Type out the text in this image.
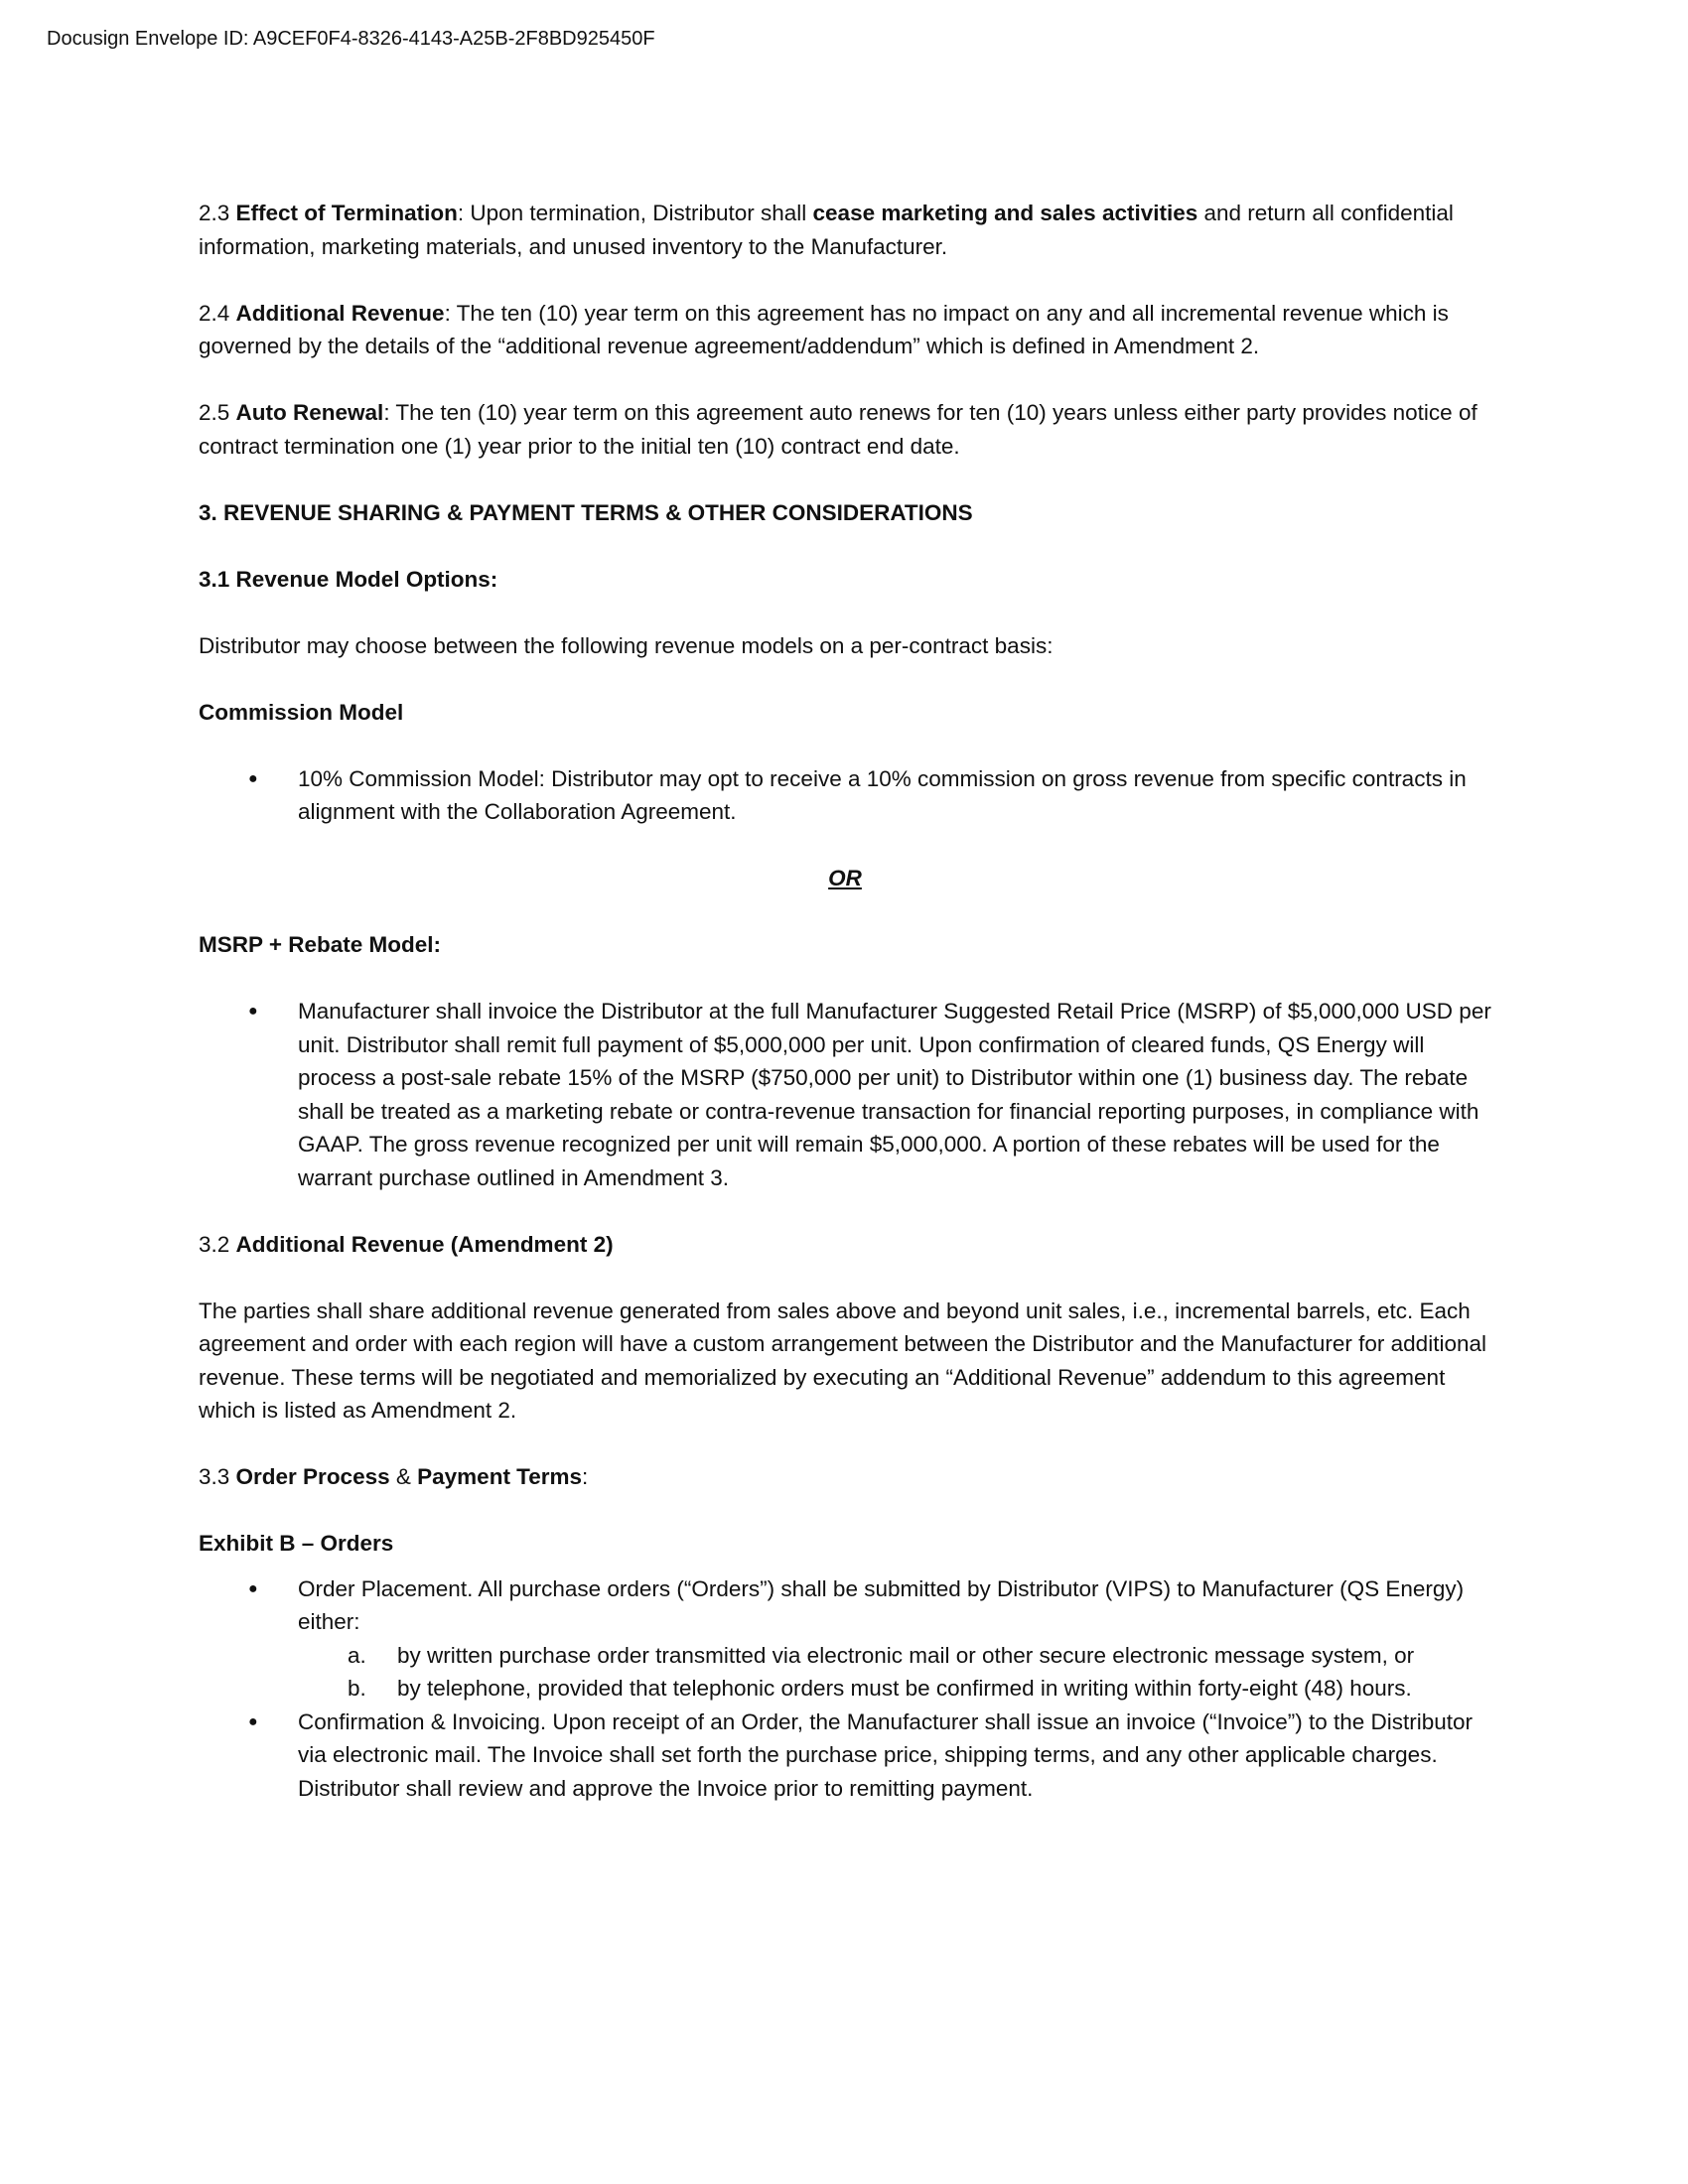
Docusign Envelope ID: A9CEF0F4-8326-4143-A25B-2F8BD925450F

2.3 Effect of Termination: Upon termination, Distributor shall cease marketing and sales activities and return all confidential information, marketing materials, and unused inventory to the Manufacturer.

2.4 Additional Revenue: The ten (10) year term on this agreement has no impact on any and all incremental revenue which is governed by the details of the “additional revenue agreement/addendum” which is defined in Amendment 2.

2.5 Auto Renewal: The ten (10) year term on this agreement auto renews for ten (10) years unless either party provides notice of contract termination one (1) year prior to the initial ten (10) contract end date.

3. REVENUE SHARING & PAYMENT TERMS & OTHER CONSIDERATIONS

3.1 Revenue Model Options:

Distributor may choose between the following revenue models on a per-contract basis:

Commission Model

● 10% Commission Model: Distributor may opt to receive a 10% commission on gross revenue from specific contracts in alignment with the Collaboration Agreement.

OR

MSRP + Rebate Model:

● Manufacturer shall invoice the Distributor at the full Manufacturer Suggested Retail Price (MSRP) of $5,000,000 USD per unit. Distributor shall remit full payment of $5,000,000 per unit. Upon confirmation of cleared funds, QS Energy will process a post-sale rebate 15% of the MSRP ($750,000 per unit) to Distributor within one (1) business day. The rebate shall be treated as a marketing rebate or contra-revenue transaction for financial reporting purposes, in compliance with GAAP. The gross revenue recognized per unit will remain $5,000,000. A portion of these rebates will be used for the warrant purchase outlined in Amendment 3.

3.2 Additional Revenue (Amendment 2)

The parties shall share additional revenue generated from sales above and beyond unit sales, i.e., incremental barrels, etc. Each agreement and order with each region will have a custom arrangement between the Distributor and the Manufacturer for additional revenue. These terms will be negotiated and memorialized by executing an “Additional Revenue” addendum to this agreement which is listed as Amendment 2.

3.3 Order Process & Payment Terms:

Exhibit B – Orders

● Order Placement. All purchase orders (“Orders”) shall be submitted by Distributor (VIPS) to Manufacturer (QS Energy) either:
a. by written purchase order transmitted via electronic mail or other secure electronic message system, or
b. by telephone, provided that telephonic orders must be confirmed in writing within forty-eight (48) hours.
● Confirmation & Invoicing. Upon receipt of an Order, the Manufacturer shall issue an invoice (“Invoice”) to the Distributor via electronic mail. The Invoice shall set forth the purchase price, shipping terms, and any other applicable charges. Distributor shall review and approve the Invoice prior to remitting payment.
